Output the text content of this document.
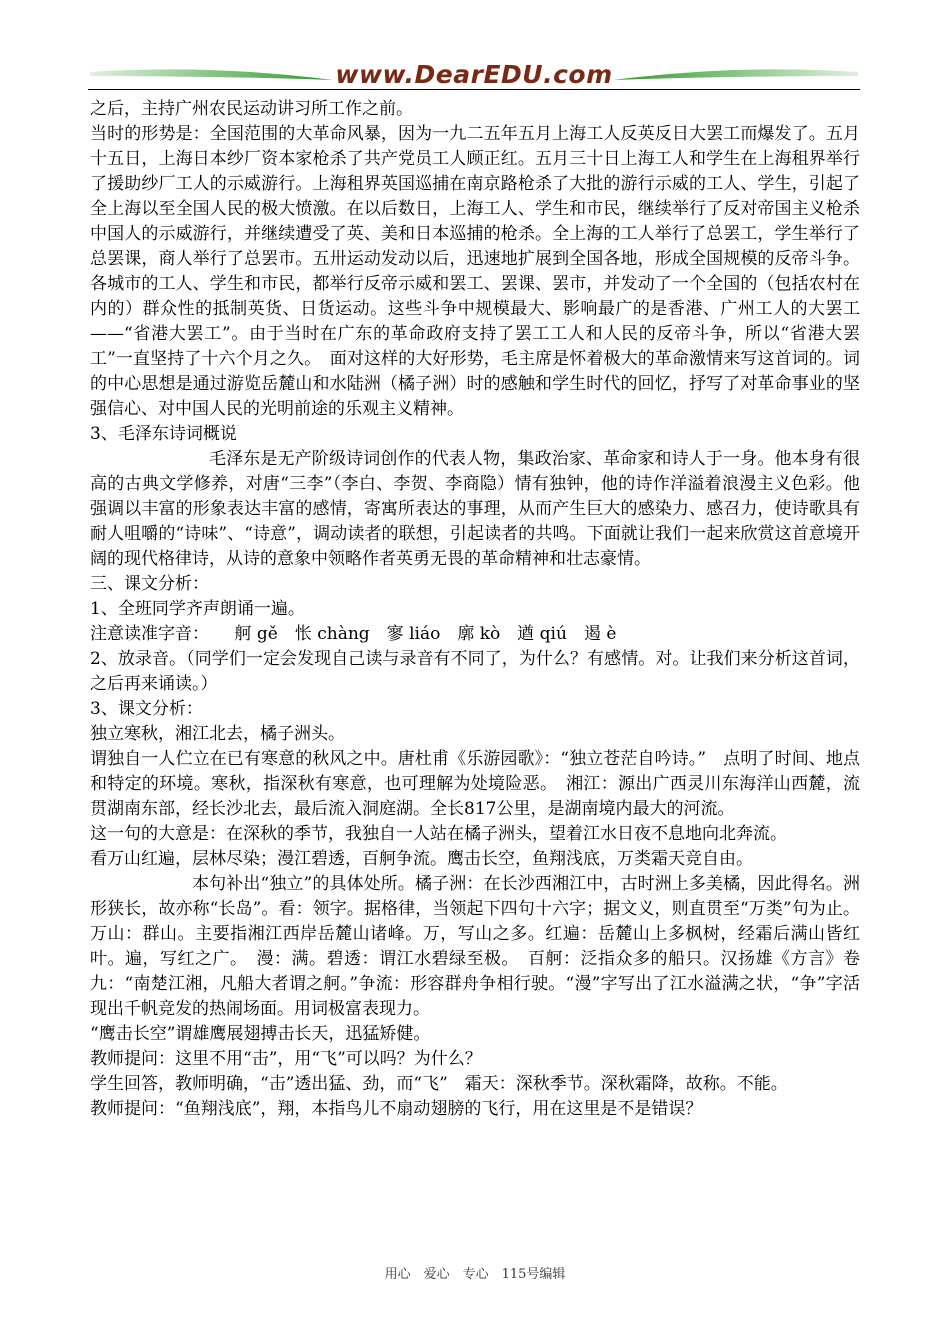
www.DearEDU.com

之后，主持广州农民运动讲习所工作之前。

当时的形势是：全国范围的大革命风暴，因为一九二五年五月上海工人反英反日大罢工而爆发了。五月十五日，上海日本纱厂资本家枪杀了共产党员工人顾正红。五月三十日上海工人和学生在上海租界举行了援助纱厂工人的示威游行。上海租界英国巡捕在南京路枪杀了大批的游行示威的工人、学生，引起了全上海以至全国人民的极大愤激。在以后数日，上海工人、学生和市民，继续举行了反对帝国主义枪杀中国人的示威游行，并继续遭受了英、美和日本巡捕的枪杀。全上海的工人举行了总罢工，学生举行了总罢课，商人举行了总罢市。五卅运动发动以后，迅速地扩展到全国各地，形成全国规模的反帝斗争。各城市的工人、学生和市民，都举行反帝示威和罢工、罢课、罢市，并发动了一个全国的（包括农村在内的）群众性的抵制英货、日货运动。这些斗争中规模最大、影响最广的是香港、广州工人的大罢工——“省港大罢工”。由于当时在广东的革命政府支持了罢工工人和人民的反帝斗争，所以“省港大罢工”一直坚持了十六个月之久。　面对这样的大好形势，毛主席是怀着极大的革命激情来写这首词的。词的中心思想是通过游览岳麓山和水陆洲（橘子洲）时的感触和学生时代的回忆，抒写了对革命事业的坚强信心、对中国人民的光明前途的乐观主义精神。

3、毛泽东诗词概说

毛泽东是无产阶级诗词创作的代表人物，集政治家、革命家和诗人于一身。他本身有很高的古典文学修养，对唐“三李”（李白、李贺、李商隐）情有独钟，他的诗作洋溢着浪漫主义色彩。他强调以丰富的形象表达丰富的感情，寄寓所表达的事理，从而产生巨大的感染力、感召力，使诗歌具有耐人咀嚼的“诗味”、“诗意”，调动读者的联想，引起读者的共鸣。下面就让我们一起来欣赏这首意境开阔的现代格律诗，从诗的意象中领略作者英勇无畏的革命精神和壮志豪情。

三、课文分析：

1、全班同学齐声朗诵一遍。

注意读准字音：　　舸 gě　怅 chàng　寥 liáo　廓 kò　遒 qiú　遏 è

2、放录音。（同学们一定会发现自己读与录音有不同了，为什么？有感情。对。让我们来分析这首词，之后再来诵读。）

3、课文分析：

独立寒秋，湘江北去，橘子洲头。

谓独自一人伫立在已有寒意的秋风之中。唐杜甫《乐游园歌》：“独立苍茫自吟诗。”　点明了时间、地点和特定的环境。寒秋，指深秋有寒意，也可理解为处境险恶。　湘江：源出广西灵川东海洋山西麓，流贯湖南东部，经长沙北去，最后流入洞庭湖。全长817公里，是湖南境内最大的河流。

这一句的大意是：在深秋的季节，我独自一人站在橘子洲头，望着江水日夜不息地向北奔流。

看万山红遍，层林尽染；漫江碧透，百舸争流。鹰击长空，鱼翔浅底，万类霜天竞自由。

本句补出“独立”的具体处所。橘子洲：在长沙西湘江中，古时洲上多美橘，因此得名。洲形狭长，故亦称“长岛”。看：领字。据格律，当领起下四句十六字；据文义，则直贯至“万类”句为止。万山：群山。主要指湘江西岸岳麓山诸峰。万，写山之多。红遍：岳麓山上多枫树，经霜后满山皆红叶。遍，写红之广。　漫：满。碧透：谓江水碧绿至极。　百舸：泛指众多的船只。汉扬雄《方言》卷九：“南楚江湘，凡船大者谓之舸。”争流：形容群舟争相行驶。“漫”字写出了江水溢满之状，“争”字活现出千帆竞发的热闹场面。用词极富表现力。

“鹰击长空”谓雄鹰展翅搏击长天，迅猛矫健。

教师提问：这里不用“击”，用“飞”可以吗？为什么？

学生回答，教师明确，“击”透出猛、劲，而“飞”　霜天：深秋季节。深秋霜降，故称。不能。

教师提问：“鱼翔浅底”，翔，本指鸟儿不扇动翅膀的飞行，用在这里是不是错误？

用心　爱心　专心　115号编辑
